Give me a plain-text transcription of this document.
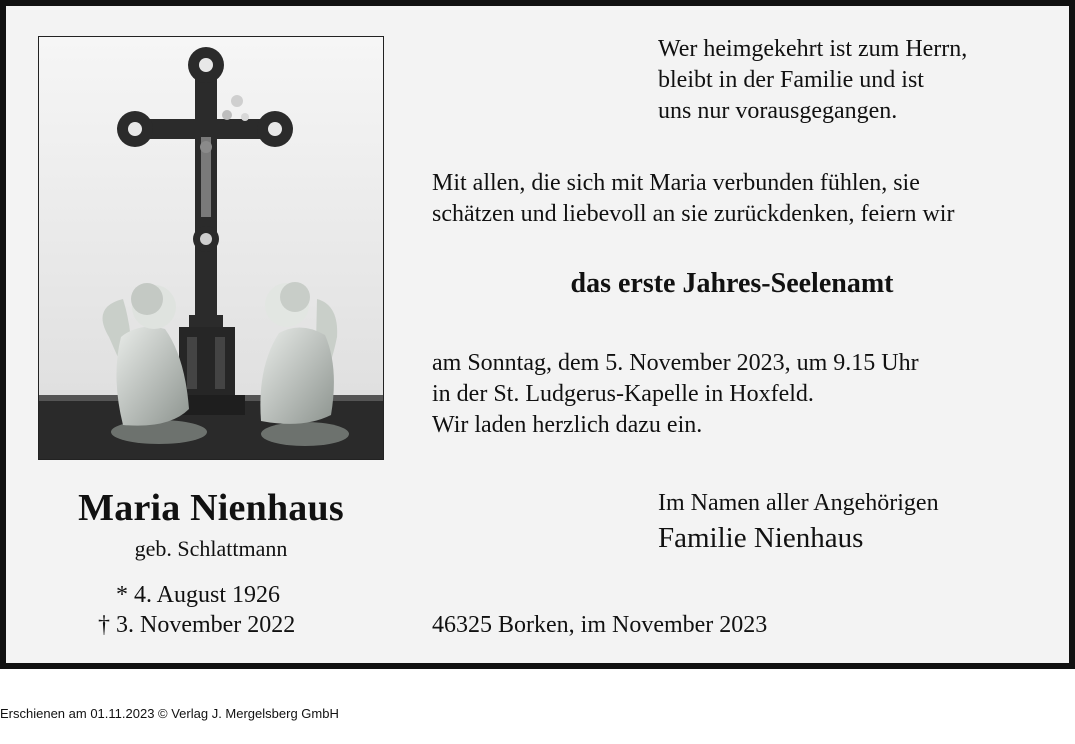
Maria Nienhaus
geb. Schlattmann
* 4. August 1926
† 3. November 2022
Wer heimgekehrt ist zum Herrn,
bleibt in der Familie und ist
uns nur vorausgegangen.
Mit allen, die sich mit Maria verbunden fühlen, sie
schätzen und liebevoll an sie zurückdenken, feiern wir
das erste Jahres-Seelenamt
am Sonntag, dem 5. November 2023, um 9.15 Uhr
in der St. Ludgerus-Kapelle in Hoxfeld.
Wir laden herzlich dazu ein.
Im Namen aller Angehörigen
Familie Nienhaus
46325 Borken, im November 2023
Erschienen am 01.11.2023 © Verlag J. Mergelsberg GmbH
